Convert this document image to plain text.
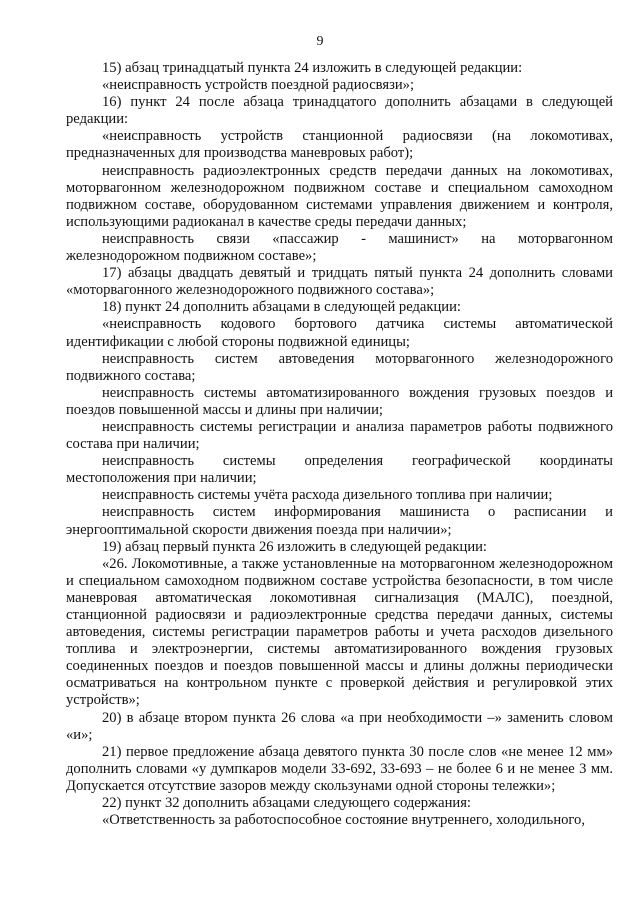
9

15) абзац тринадцатый пункта 24 изложить в следующей редакции:

«неисправность устройств поездной радиосвязи»;

16) пункт 24 после абзаца тринадцатого дополнить абзацами в следующей редакции:

«неисправность устройств станционной радиосвязи (на локомотивах, предназначенных для производства маневровых работ);

неисправность радиоэлектронных средств передачи данных на локомотивах, моторвагонном железнодорожном подвижном составе и специальном самоходном подвижном составе, оборудованном системами управления движением и контроля, использующими радиоканал в качестве среды передачи данных;

неисправность связи «пассажир - машинист» на моторвагонном железнодорожном подвижном составе»;

17) абзацы двадцать девятый и тридцать пятый пункта 24 дополнить словами «моторвагонного железнодорожного подвижного состава»;

18) пункт 24 дополнить абзацами в следующей редакции:

«неисправность кодового бортового датчика системы автоматической идентификации с любой стороны подвижной единицы;

неисправность систем автоведения моторвагонного железнодорожного подвижного состава;

неисправность системы автоматизированного вождения грузовых поездов и поездов повышенной массы и длины при наличии;

неисправность системы регистрации и анализа параметров работы подвижного состава при наличии;

неисправность системы определения географической координаты местоположения при наличии;

неисправность системы учёта расхода дизельного топлива при наличии;

неисправность систем информирования машиниста о расписании и энергооптимальной скорости движения поезда при наличии»;

19) абзац первый пункта 26 изложить в следующей редакции:

«26. Локомотивные, а также установленные на моторвагонном железнодорожном и специальном самоходном подвижном составе устройства безопасности, в том числе маневровая автоматическая локомотивная сигнализация (МАЛС), поездной, станционной радиосвязи и радиоэлектронные средства передачи данных, системы автоведения, системы регистрации параметров работы и учета расходов дизельного топлива и электроэнергии, системы автоматизированного вождения грузовых соединенных поездов и поездов повышенной массы и длины должны периодически осматриваться на контрольном пункте с проверкой действия и регулировкой этих устройств»;

20) в абзаце втором пункта 26 слова «а при необходимости –» заменить словом «и»;

21) первое предложение абзаца девятого пункта 30 после слов «не менее 12 мм» дополнить словами «у думпкаров модели 33-692, 33-693 – не более 6 и не менее 3 мм. Допускается отсутствие зазоров между скользунами одной стороны тележки»;

22) пункт 32 дополнить абзацами следующего содержания:

«Ответственность за работоспособное состояние внутреннего, холодильного,
